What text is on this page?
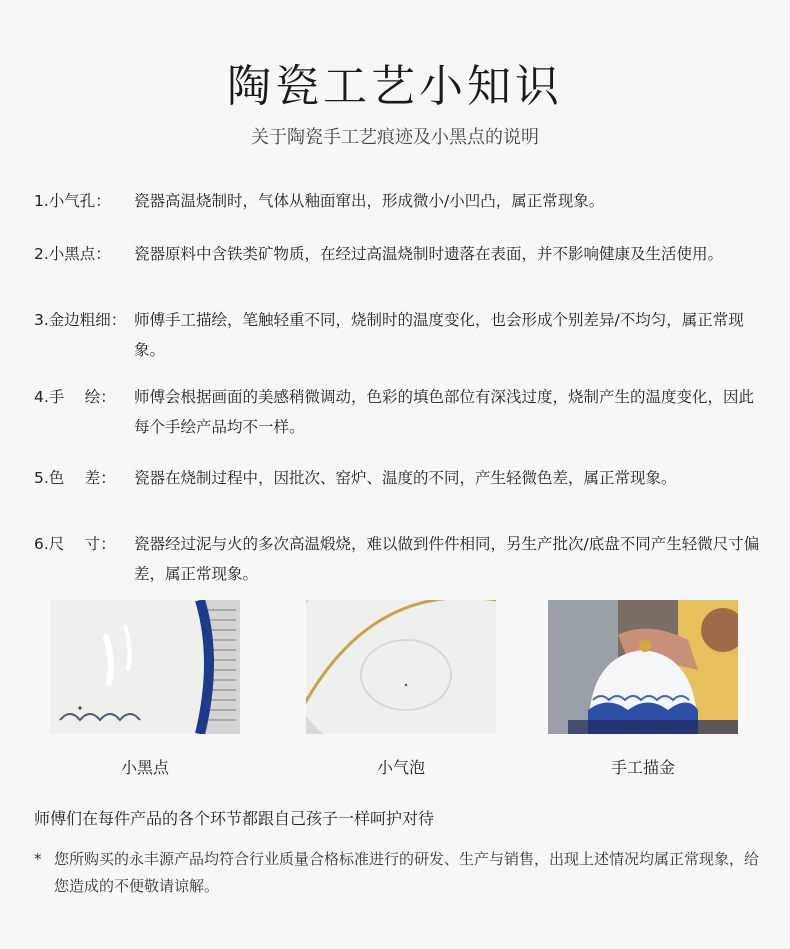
陶瓷工艺小知识
关于陶瓷手工艺痕迹及小黑点的说明
1.小气孔： 瓷器高温烧制时，气体从釉面窜出，形成微小/小凹凸，属正常现象。
2.小黑点： 瓷器原料中含铁类矿物质，在经过高温烧制时遗落在表面，并不影响健康及生活使用。
3.金边粗细： 师傅手工描绘，笔触轻重不同，烧制时的温度变化，也会形成个别差异/不均匀，属正常现象。
4.手　 绘： 师傅会根据画面的美感稍微调动，色彩的填色部位有深浅过度，烧制产生的温度变化，因此每个手绘产品均不一样。
5.色　 差： 瓷器在烧制过程中，因批次、窑炉、温度的不同，产生轻微色差，属正常现象。
6.尺　 寸： 瓷器经过泥与火的多次高温煅烧，难以做到件件相同，另生产批次/底盘不同产生轻微尺寸偏差，属正常现象。
小黑点	小气泡	手工描金
师傅们在每件产品的各个环节都跟自己孩子一样呵护对待
* 您所购买的永丰源产品均符合行业质量合格标准进行的研发、生产与销售，出现上述情况均属正常现象，给您造成的不便敬请谅解。
